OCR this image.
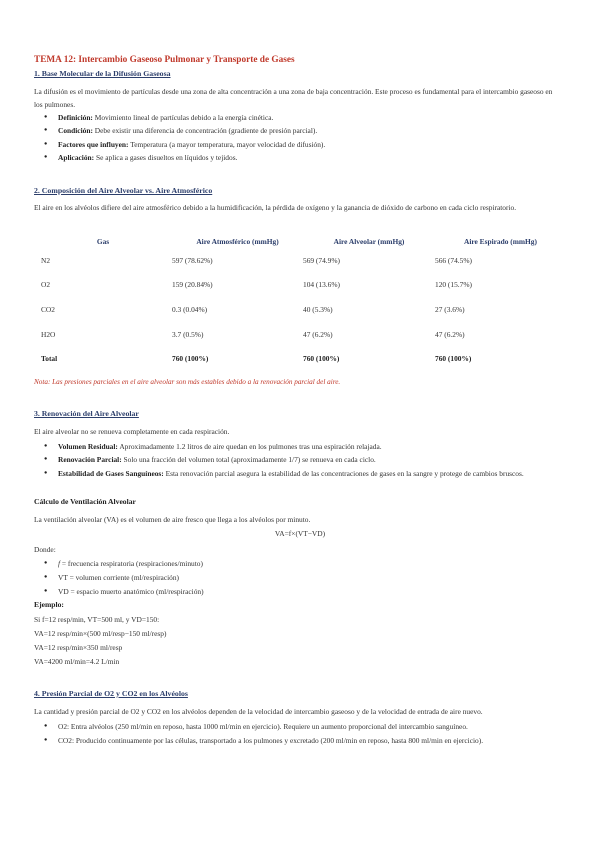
TEMA 12: Intercambio Gaseoso Pulmonar y Transporte de Gases
1. Base Molecular de la Difusión Gaseosa
La difusión es el movimiento de partículas desde una zona de alta concentración a una zona de baja concentración. Este proceso es fundamental para el intercambio gaseoso en los pulmones.
● Definición: Movimiento lineal de partículas debido a la energía cinética.
● Condición: Debe existir una diferencia de concentración (gradiente de presión parcial).
● Factores que influyen: Temperatura (a mayor temperatura, mayor velocidad de difusión).
● Aplicación: Se aplica a gases disueltos en líquidos y tejidos.
2. Composición del Aire Alveolar vs. Aire Atmosférico
El aire en los alvéolos difiere del aire atmosférico debido a la humidificación, la pérdida de oxígeno y la ganancia de dióxido de carbono en cada ciclo respiratorio.
Gas	Aire Atmosférico (mmHg)	Aire Alveolar (mmHg)	Aire Espirado (mmHg)
N2	597 (78.62%)	569 (74.9%)	566 (74.5%)
O2	159 (20.84%)	104 (13.6%)	120 (15.7%)
CO2	0.3 (0.04%)	40 (5.3%)	27 (3.6%)
H2O	3.7 (0.5%)	47 (6.2%)	47 (6.2%)
Total	760 (100%)	760 (100%)	760 (100%)
Nota: Las presiones parciales en el aire alveolar son más estables debido a la renovación parcial del aire.
3. Renovación del Aire Alveolar
El aire alveolar no se renueva completamente en cada respiración.
● Volumen Residual: Aproximadamente 1.2 litros de aire quedan en los pulmones tras una espiración relajada.
● Renovación Parcial: Solo una fracción del volumen total (aproximadamente 1/7) se renueva en cada ciclo.
● Estabilidad de Gases Sanguíneos: Esta renovación parcial asegura la estabilidad de las concentraciones de gases en la sangre y protege de cambios bruscos.
Cálculo de Ventilación Alveolar
La ventilación alveolar (VA) es el volumen de aire fresco que llega a los alvéolos por minuto.
VA=f×(VT−VD)
Donde:
● f = frecuencia respiratoria (respiraciones/minuto)
● VT = volumen corriente (ml/respiración)
● VD = espacio muerto anatómico (ml/respiración)
Ejemplo:
Si f=12 resp/min, VT=500 ml, y VD=150:
VA=12 resp/min×(500 ml/resp−150 ml/resp)
VA=12 resp/min×350 ml/resp
VA=4200 ml/min=4.2 L/min
4. Presión Parcial de O2 y CO2 en los Alvéolos
La cantidad y presión parcial de O2 y CO2 en los alvéolos dependen de la velocidad de intercambio gaseoso y de la velocidad de entrada de aire nuevo.
● O2: Entra alvéolos (250 ml/min en reposo, hasta 1000 ml/min en ejercicio). Requiere un aumento proporcional del intercambio sanguíneo.
● CO2: Producido continuamente por las células, transportado a los pulmones y excretado (200 ml/min en reposo, hasta 800 ml/min en ejercicio).
